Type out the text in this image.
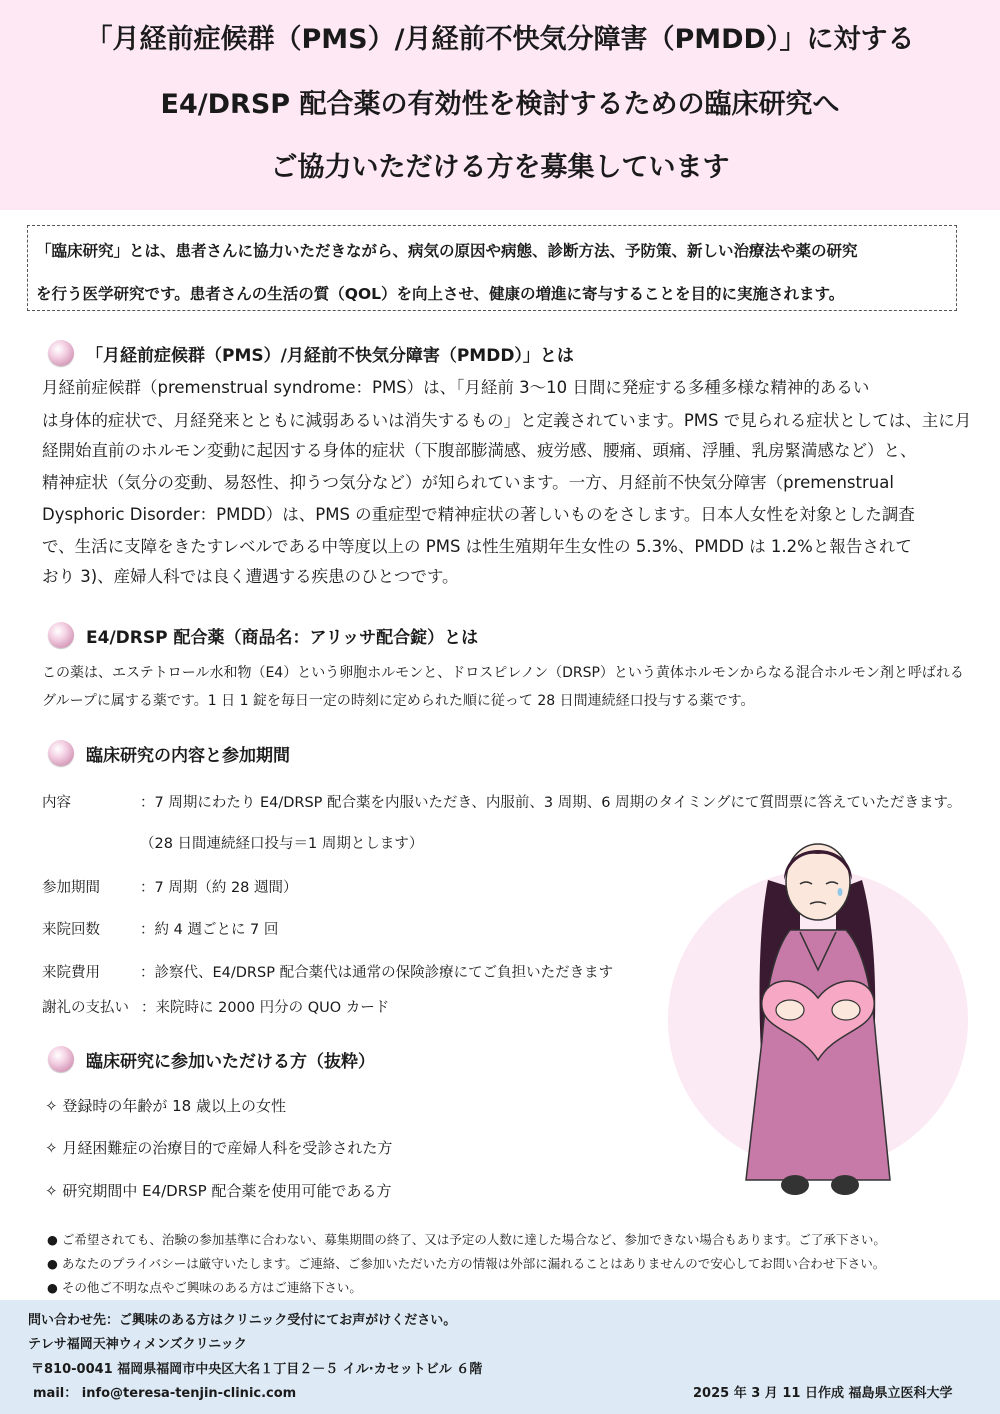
「月経前症候群（PMS）/月経前不快気分障害（PMDD）」に対する
E4/DRSP 配合薬の有効性を検討するための臨床研究へ
ご協力いただける方を募集しています
「臨床研究」とは、患者さんに協力いただきながら、病気の原因や病態、診断方法、予防策、新しい治療法や薬の研究
を行う医学研究です。患者さんの生活の質（QOL）を向上させ、健康の増進に寄与することを目的に実施されます。
「月経前症候群（PMS）/月経前不快気分障害（PMDD）」とは
月経前症候群（premenstrual syndrome：PMS）は、「月経前 3～10 日間に発症する多種多様な精神的あるい
は身体的症状で、月経発来とともに減弱あるいは消失するもの」と定義されています。PMS で見られる症状としては、主に月
経開始直前のホルモン変動に起因する身体的症状（下腹部膨満感、疲労感、腰痛、頭痛、浮腫、乳房緊満感など）と、
精神症状（気分の変動、易怒性、抑うつ気分など）が知られています。一方、月経前不快気分障害（premenstrual
Dysphoric Disorder：PMDD）は、PMS の重症型で精神症状の著しいものをさします。日本人女性を対象とした調査
で、生活に支障をきたすレベルである中等度以上の PMS は性生殖期年生女性の 5.3%、PMDD は 1.2%と報告されて
おり 3)、産婦人科では良く遭遇する疾患のひとつです。
E4/DRSP 配合薬（商品名：アリッサ配合錠）とは
この薬は、エステトロール水和物（E4）という卵胞ホルモンと、ドロスピレノン（DRSP）という黄体ホルモンからなる混合ホルモン剤と呼ばれる
グループに属する薬です。1 日 1 錠を毎日一定の時刻に定められた順に従って 28 日間連続経口投与する薬です。
臨床研究の内容と参加期間
内容	：7 周期にわたり E4/DRSP 配合薬を内服いただき、内服前、3 周期、6 周期のタイミングにて質問票に答えていただきます。
（28 日間連続経口投与＝1 周期とします）
参加期間	：7 周期（約 28 週間）
来院回数	：約 4 週ごとに 7 回
来院費用	：診察代、E4/DRSP 配合薬代は通常の保険診療にてご負担いただきます
謝礼の支払い ：来院時に 2000 円分の QUO カード
臨床研究に参加いただける方（抜粋）
✧ 登録時の年齢が 18 歳以上の女性
✧ 月経困難症の治療目的で産婦人科を受診された方
✧ 研究期間中 E4/DRSP 配合薬を使用可能である方
● ご希望されても、治験の参加基準に合わない、募集期間の終了、又は予定の人数に達した場合など、参加できない場合もあります。ご了承下さい。
● あなたのプライバシーは厳守いたします。ご連絡、ご参加いただいた方の情報は外部に漏れることはありませんので安心してお問い合わせ下さい。
● その他ご不明な点やご興味のある方はご連絡下さい。
問い合わせ先：ご興味のある方はクリニック受付にてお声がけください。
テレサ福岡天神ウィメンズクリニック
〒810-0041 福岡県福岡市中央区大名１丁目２－５ イル·カセットビル ６階
mail： info@teresa-tenjin-clinic.com	2025 年 3 月 11 日作成 福島県立医科大学
